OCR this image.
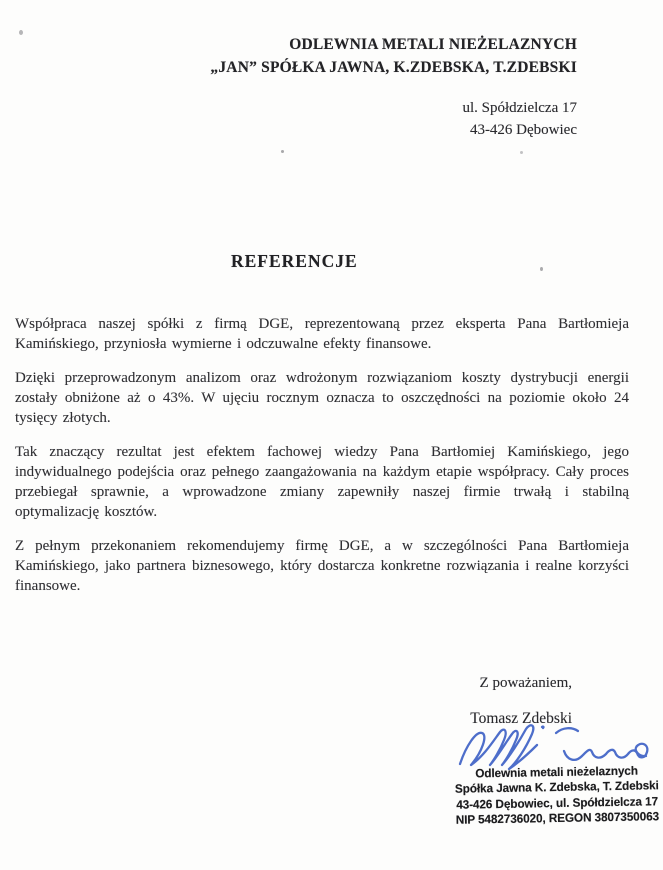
ODLEWNIA METALI NIEŻELAZNYCH
„JAN” SPÓŁKA JAWNA, K.ZDEBSKA, T.ZDEBSKI
ul. Spółdzielcza 17
43-426 Dębowiec
REFERENCJE

Współpraca naszej spółki z firmą DGE, reprezentowaną przez eksperta Pana Bartłomieja Kamińskiego, przyniosła wymierne i odczuwalne efekty finansowe.

Dzięki przeprowadzonym analizom oraz wdrożonym rozwiązaniom koszty dystrybucji energii zostały obniżone aż o 43%. W ujęciu rocznym oznacza to oszczędności na poziomie około 24 tysięcy złotych.

Tak znaczący rezultat jest efektem fachowej wiedzy Pana Bartłomiej Kamińskiego, jego indywidualnego podejścia oraz pełnego zaangażowania na każdym etapie współpracy. Cały proces przebiegał sprawnie, a wprowadzone zmiany zapewniły naszej firmie trwałą i stabilną optymalizację kosztów.

Z pełnym przekonaniem rekomendujemy firmę DGE, a w szczególności Pana Bartłomieja Kamińskiego, jako partnera biznesowego, który dostarcza konkretne rozwiązania i realne korzyści finansowe.

Z poważaniem,
Tomasz Zdebski
Odlewnia metali nieżelaznych
Spółka Jawna K. Zdebska, T. Zdebski
43-426 Dębowiec, ul. Spółdzielcza 17
NIP 5482736020, REGON 3807350063
